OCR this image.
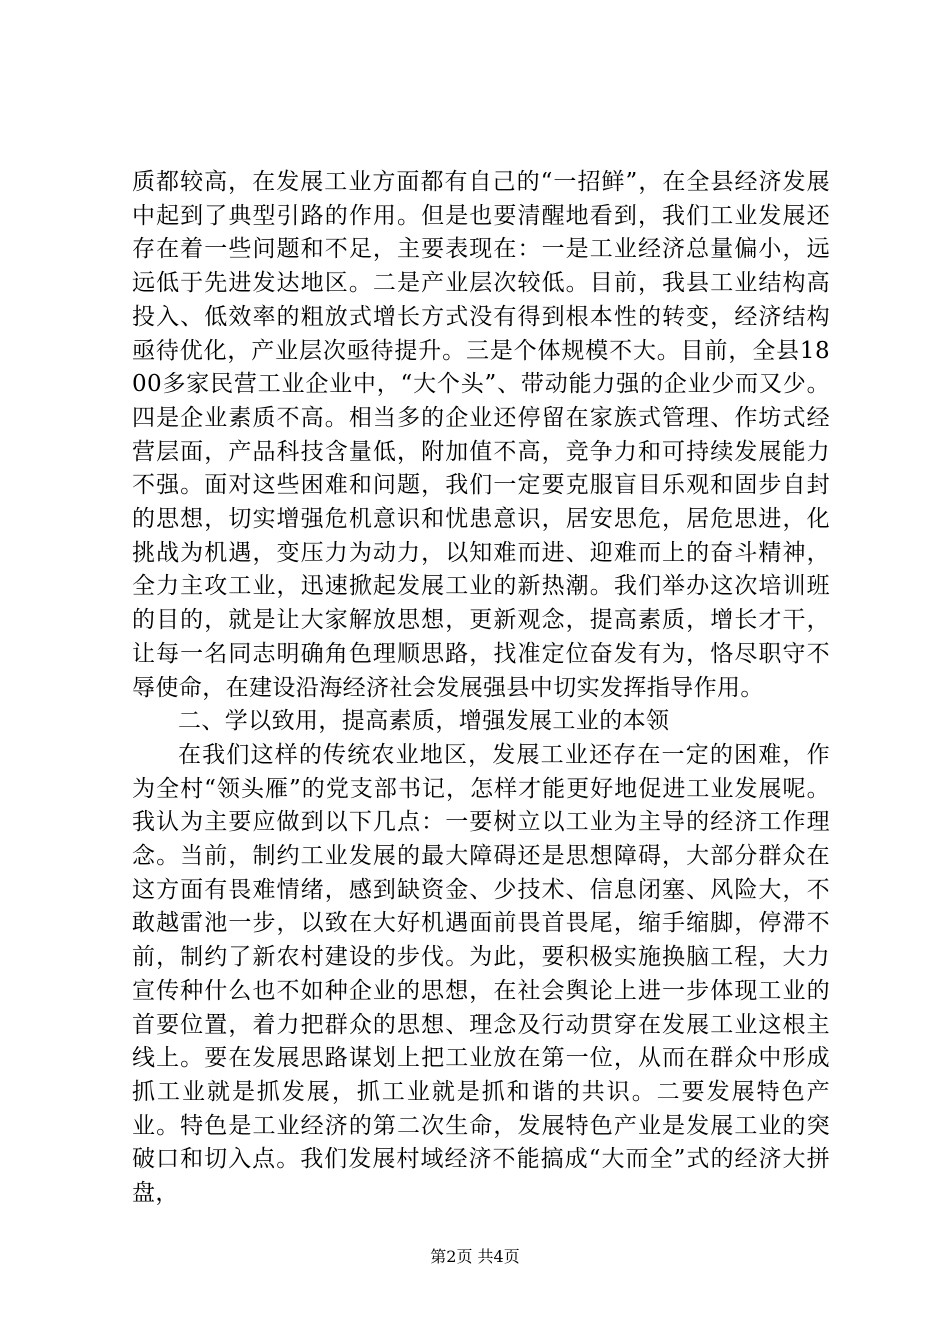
质都较高，在发展工业方面都有自己的“一招鲜”，在全县经济发展中起到了典型引路的作用。但是也要清醒地看到，我们工业发展还存在着一些问题和不足，主要表现在：一是工业经济总量偏小，远远低于先进发达地区。二是产业层次较低。目前，我县工业结构高投入、低效率的粗放式增长方式没有得到根本性的转变，经济结构亟待优化，产业层次亟待提升。三是个体规模不大。目前，全县1800多家民营工业企业中，“大个头”、带动能力强的企业少而又少。四是企业素质不高。相当多的企业还停留在家族式管理、作坊式经营层面，产品科技含量低，附加值不高，竞争力和可持续发展能力不强。面对这些困难和问题，我们一定要克服盲目乐观和固步自封的思想，切实增强危机意识和忧患意识，居安思危，居危思进，化挑战为机遇，变压力为动力，以知难而进、迎难而上的奋斗精神，全力主攻工业，迅速掀起发展工业的新热潮。我们举办这次培训班的目的，就是让大家解放思想，更新观念，提高素质，增长才干，让每一名同志明确角色理顺思路，找准定位奋发有为，恪尽职守不辱使命，在建设沿海经济社会发展强县中切实发挥指导作用。

二、学以致用，提高素质，增强发展工业的本领

在我们这样的传统农业地区，发展工业还存在一定的困难，作为全村“领头雁”的党支部书记，怎样才能更好地促进工业发展呢。我认为主要应做到以下几点：一要树立以工业为主导的经济工作理念。当前，制约工业发展的最大障碍还是思想障碍，大部分群众在这方面有畏难情绪，感到缺资金、少技术、信息闭塞、风险大，不敢越雷池一步，以致在大好机遇面前畏首畏尾，缩手缩脚，停滞不前，制约了新农村建设的步伐。为此，要积极实施换脑工程，大力宣传种什么也不如种企业的思想，在社会舆论上进一步体现工业的首要位置，着力把群众的思想、理念及行动贯穿在发展工业这根主线上。要在发展思路谋划上把工业放在第一位，从而在群众中形成抓工业就是抓发展，抓工业就是抓和谐的共识。二要发展特色产业。特色是工业经济的第二次生命，发展特色产业是发展工业的突破口和切入点。我们发展村域经济不能搞成“大而全”式的经济大拼盘，

第2页 共4页
